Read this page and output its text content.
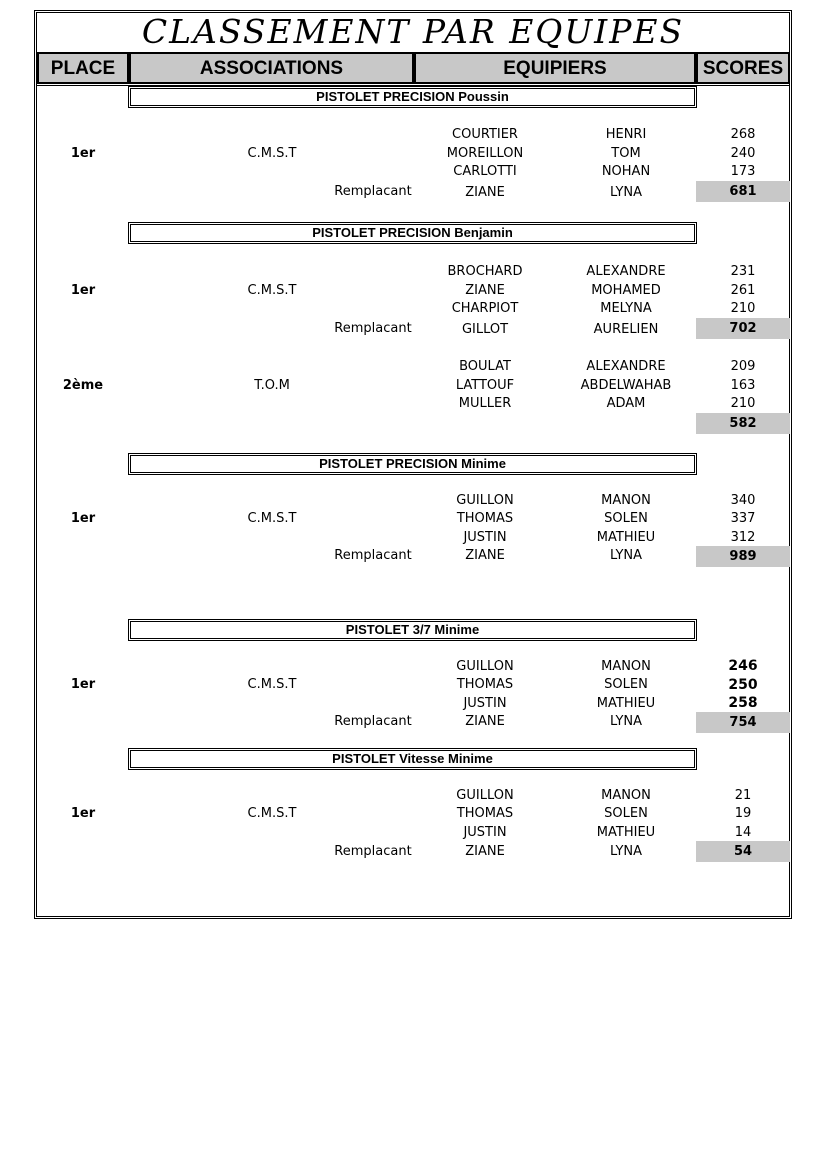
CLASSEMENT PAR EQUIPES
PLACE	ASSOCIATIONS	EQUIPIERS	SCORES
PISTOLET PRECISION Poussin
1er	C.M.S.T
COURTIER	HENRI	268
MOREILLON	TOM	240
CARLOTTI	NOHAN	173
Remplacant	ZIANE	LYNA	681
PISTOLET PRECISION Benjamin
1er	C.M.S.T
BROCHARD	ALEXANDRE	231
ZIANE	MOHAMED	261
CHARPIOT	MELYNA	210
Remplacant	GILLOT	AURELIEN	702
2ème	T.O.M
BOULAT	ALEXANDRE	209
LATTOUF	ABDELWAHAB	163
MULLER	ADAM	210
582
PISTOLET PRECISION Minime
1er	C.M.S.T
GUILLON	MANON	340
THOMAS	SOLEN	337
JUSTIN	MATHIEU	312
Remplacant	ZIANE	LYNA	989
PISTOLET 3/7 Minime
1er	C.M.S.T
GUILLON	MANON	246
THOMAS	SOLEN	250
JUSTIN	MATHIEU	258
Remplacant	ZIANE	LYNA	754
PISTOLET Vitesse Minime
1er	C.M.S.T
GUILLON	MANON	21
THOMAS	SOLEN	19
JUSTIN	MATHIEU	14
Remplacant	ZIANE	LYNA	54
